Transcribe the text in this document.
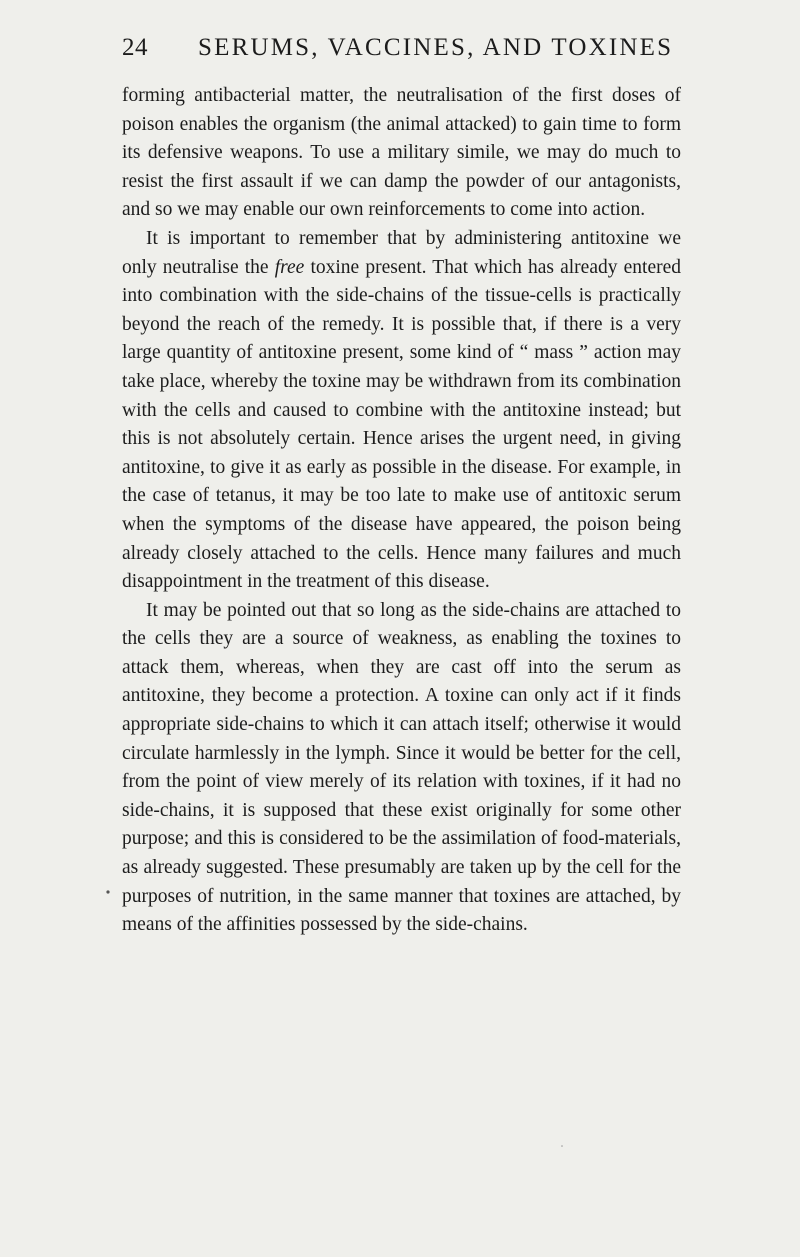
24 SERUMS, VACCINES, AND TOXINES

forming antibacterial matter, the neutralisation of the first doses of poison enables the organism (the animal attacked) to gain time to form its defensive weapons. To use a military simile, we may do much to resist the first assault if we can damp the powder of our antagonists, and so we may enable our own reinforcements to come into action.

It is important to remember that by administering antitoxine we only neutralise the free toxine present. That which has already entered into combination with the side-chains of the tissue-cells is practically beyond the reach of the remedy. It is possible that, if there is a very large quantity of antitoxine present, some kind of “ mass ” action may take place, whereby the toxine may be withdrawn from its combination with the cells and caused to combine with the antitoxine instead; but this is not absolutely certain. Hence arises the urgent need, in giving antitoxine, to give it as early as possible in the disease. For example, in the case of tetanus, it may be too late to make use of antitoxic serum when the symptoms of the disease have appeared, the poison being already closely attached to the cells. Hence many failures and much disappointment in the treatment of this disease.

It may be pointed out that so long as the side-chains are attached to the cells they are a source of weakness, as enabling the toxines to attack them, whereas, when they are cast off into the serum as antitoxine, they become a protection. A toxine can only act if it finds appropriate side-chains to which it can attach itself; otherwise it would circulate harmlessly in the lymph. Since it would be better for the cell, from the point of view merely of its relation with toxines, if it had no side-chains, it is supposed that these exist originally for some other purpose; and this is considered to be the assimilation of food-materials, as already suggested. These presumably are taken up by the cell for the purposes of nutrition, in the same manner that toxines are attached, by means of the affinities possessed by the side-chains.
